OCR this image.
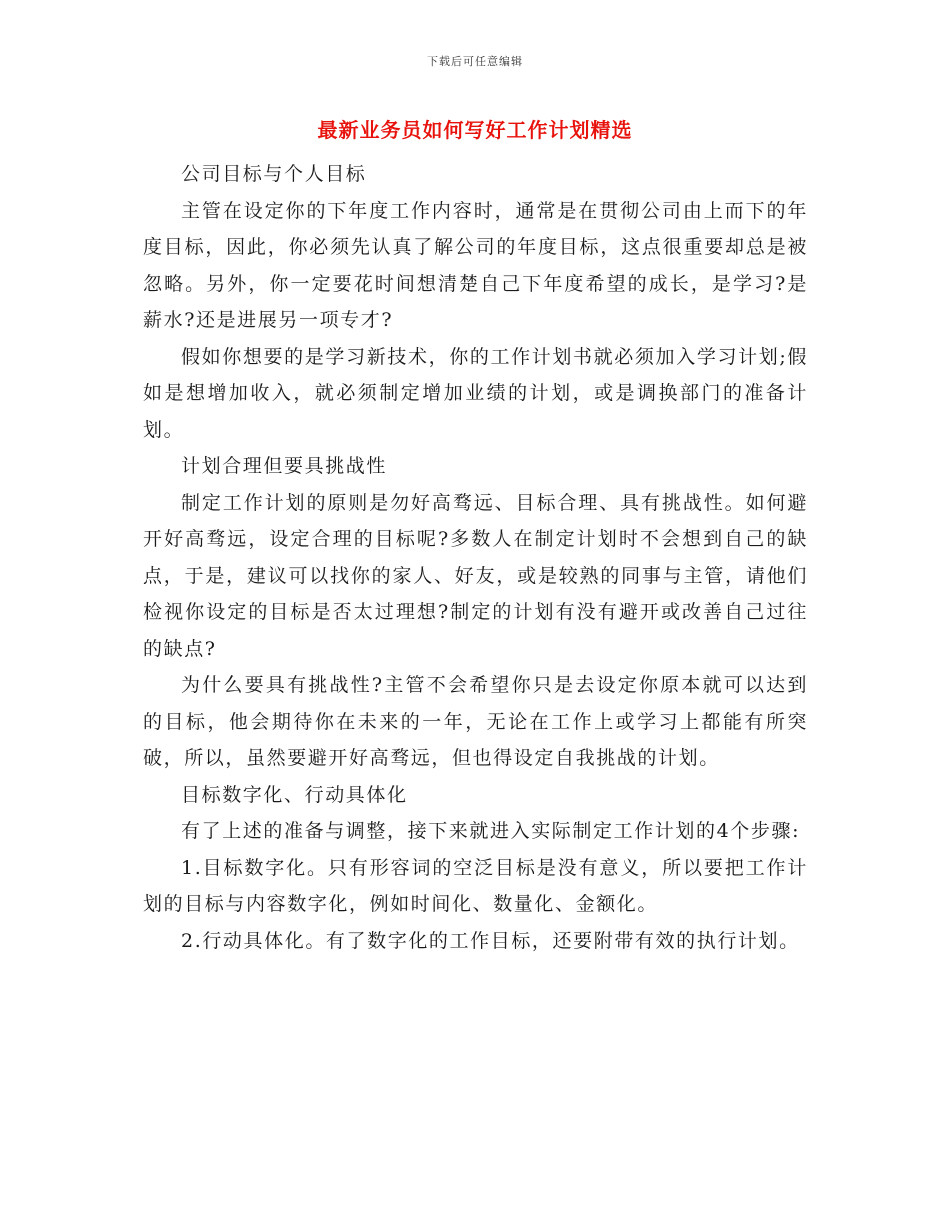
下载后可任意编辑
最新业务员如何写好工作计划精选

公司目标与个人目标

主管在设定你的下年度工作内容时，通常是在贯彻公司由上而下的年度目标，因此，你必须先认真了解公司的年度目标，这点很重要却总是被忽略。另外，你一定要花时间想清楚自己下年度希望的成长，是学习?是薪水?还是进展另一项专才?

假如你想要的是学习新技术，你的工作计划书就必须加入学习计划;假如是想增加收入，就必须制定增加业绩的计划，或是调换部门的准备计划。

计划合理但要具挑战性

制定工作计划的原则是勿好高骛远、目标合理、具有挑战性。如何避开好高骛远，设定合理的目标呢?多数人在制定计划时不会想到自己的缺点，于是，建议可以找你的家人、好友，或是较熟的同事与主管，请他们检视你设定的目标是否太过理想?制定的计划有没有避开或改善自己过往的缺点?

为什么要具有挑战性?主管不会希望你只是去设定你原本就可以达到的目标，他会期待你在未来的一年，无论在工作上或学习上都能有所突破，所以，虽然要避开好高骛远，但也得设定自我挑战的计划。

目标数字化、行动具体化

有了上述的准备与调整，接下来就进入实际制定工作计划的4个步骤:

1.目标数字化。只有形容词的空泛目标是没有意义，所以要把工作计划的目标与内容数字化，例如时间化、数量化、金额化。

2.行动具体化。有了数字化的工作目标，还要附带有效的执行计划。
